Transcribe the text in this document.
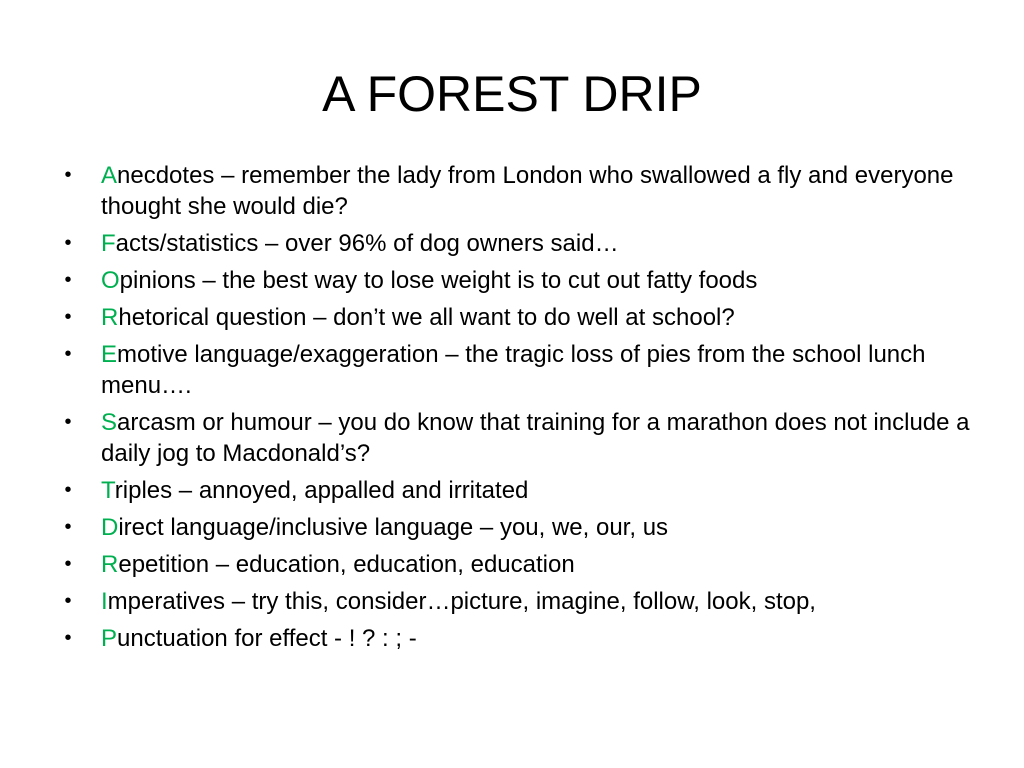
A FOREST DRIP
• Anecdotes – remember the lady from London who swallowed a fly and everyone thought she would die?
• Facts/statistics – over 96% of dog owners said…
• Opinions – the best way to lose weight is to cut out fatty foods
• Rhetorical question – don’t we all want to do well at school?
• Emotive language/exaggeration – the tragic loss of pies from the school lunch menu….
• Sarcasm or humour – you do know that training for a marathon does not include a daily jog to Macdonald’s?
• Triples – annoyed, appalled and irritated
• Direct language/inclusive language – you, we, our, us
• Repetition – education, education, education
• Imperatives – try this, consider…picture, imagine, follow, look, stop,
• Punctuation for effect - ! ? : ; -
